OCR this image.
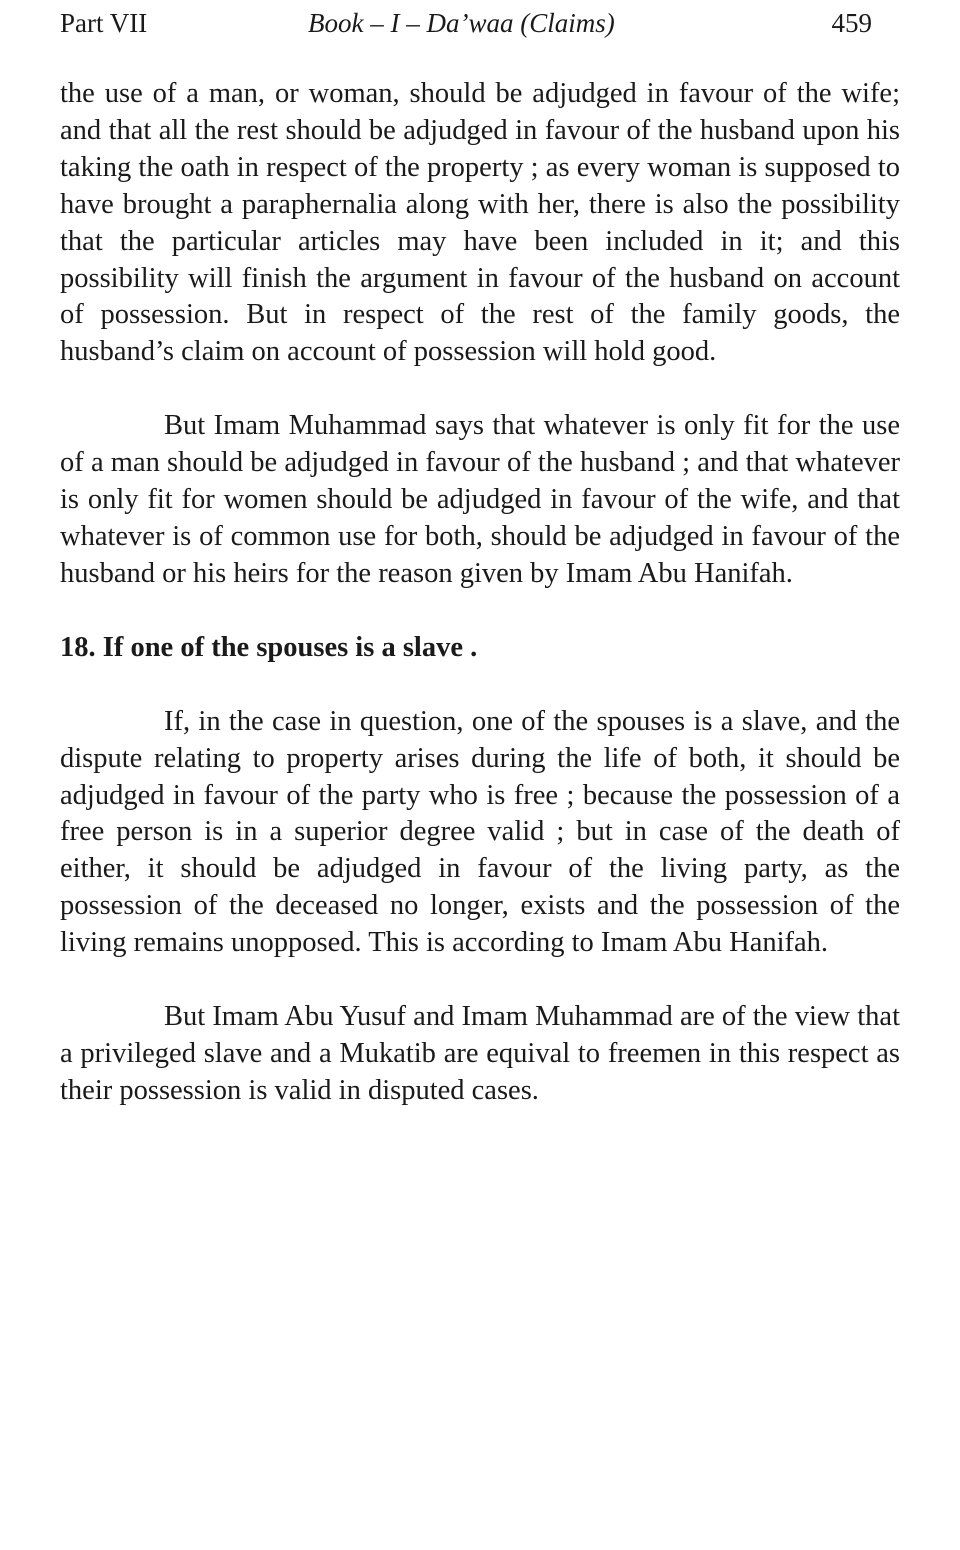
Part VII	Book – I – Da’waa (Claims)	459

the use of a man, or woman, should be adjudged in favour of the wife; and that all the rest should be adjudged in favour of the husband upon his taking the oath in respect of the property ; as every woman is supposed to have brought a paraphernalia along with her, there is also the possibility that the particular articles may have been included in it; and this possibility will finish the argument in favour of the husband on account of possession. But in respect of the rest of the family goods, the husband’s claim on account of possession will hold good.

But Imam Muhammad says that whatever is only fit for the use of a man should be adjudged in favour of the husband ; and that whatever is only fit for women should be adjudged in favour of the wife, and that whatever is of common use for both, should be adjudged in favour of the husband or his heirs for the reason given by Imam Abu Hanifah.

18. If one of the spouses is a slave .

If, in the case in question, one of the spouses is a slave, and the dispute relating to property arises during the life of both, it should be adjudged in favour of the party who is free ; because the possession of a free person is in a superior degree valid ; but in case of the death of either, it should be adjudged in favour of the living party, as the possession of the deceased no longer, exists and the possession of the living remains unopposed. This is according to Imam Abu Hanifah.

But Imam Abu Yusuf and Imam Muhammad are of the view that a privileged slave and a Mukatib are equival to freemen in this respect as their possession is valid in disputed cases.
